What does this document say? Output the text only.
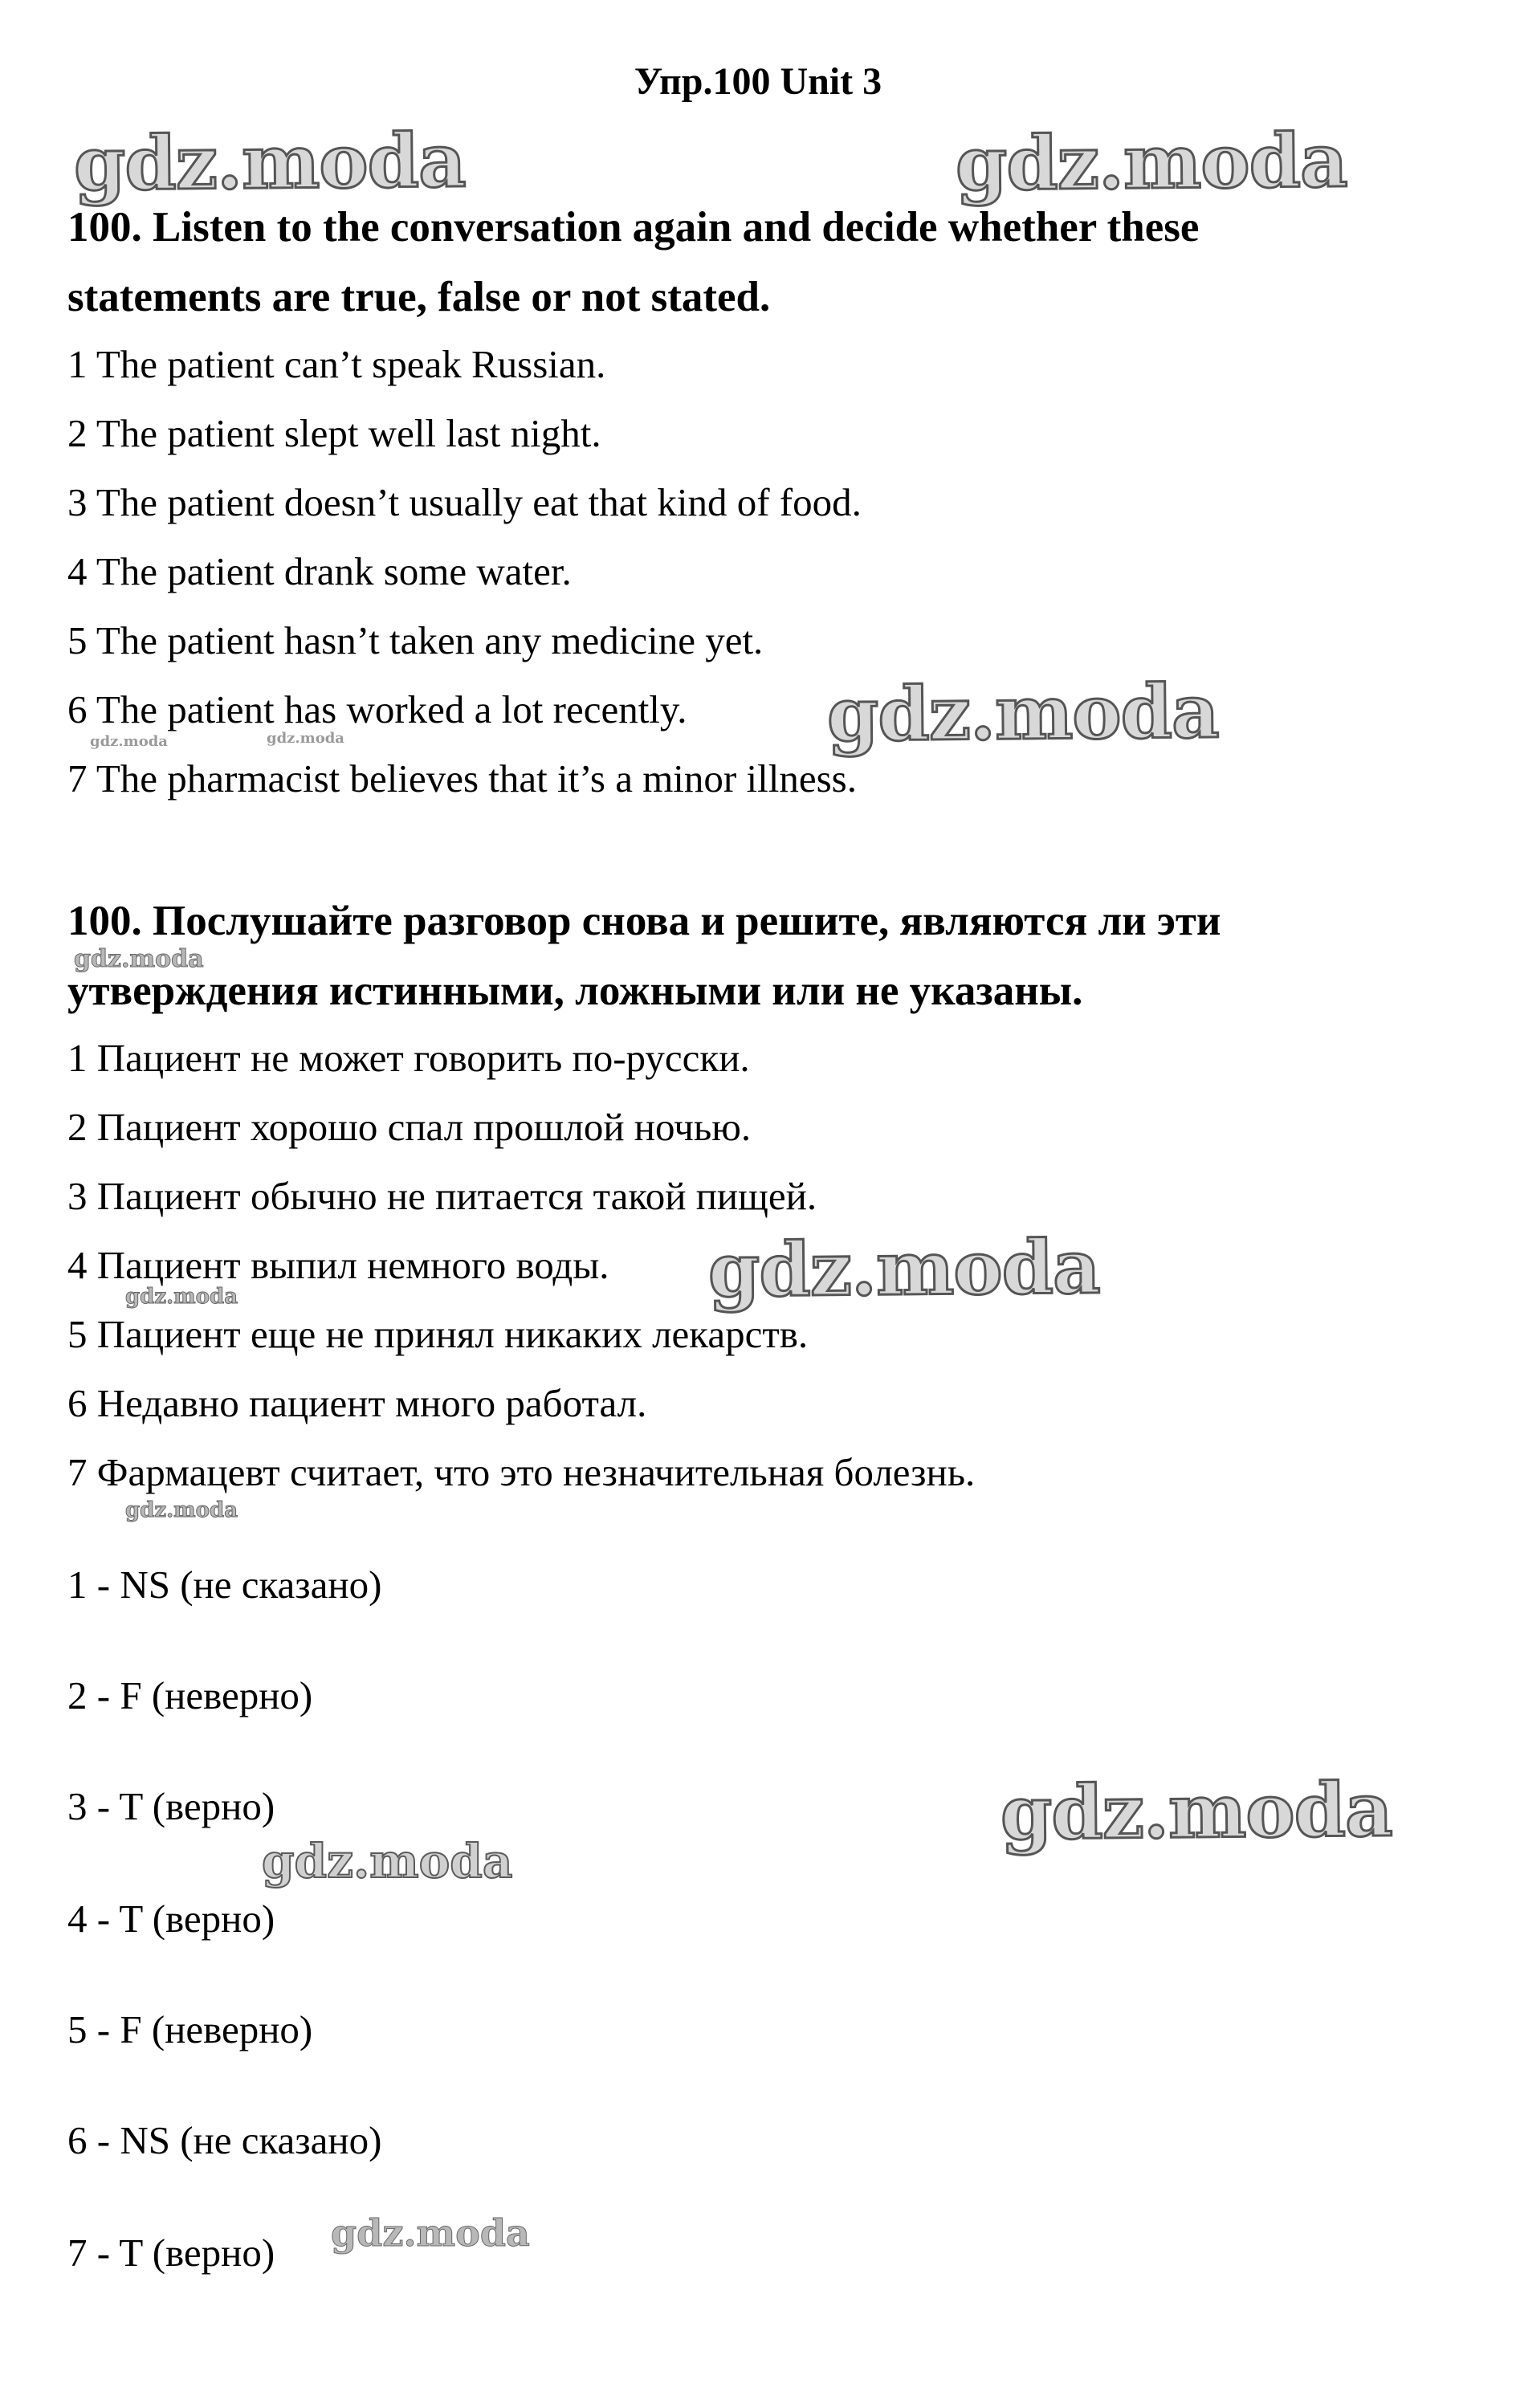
Упр.100 Unit 3
gdz.moda	gdz.moda
100. Listen to the conversation again and decide whether these
statements are true, false or not stated.
1 The patient can’t speak Russian.
2 The patient slept well last night.
3 The patient doesn’t usually eat that kind of food.
4 The patient drank some water.
5 The patient hasn’t taken any medicine yet.
6 The patient has worked a lot recently. gdz.moda
gdz.moda	gdz.moda
7 The pharmacist believes that it’s a minor illness.
100. Послушайте разговор снова и решите, являются ли эти
утверждения истинными, ложными или не указаны.
gdz.moda
1 Пациент не может говорить по-русски.
2 Пациент хорошо спал прошлой ночью.
3 Пациент обычно не питается такой пищей.
4 Пациент выпил немного воды. gdz.moda
gdz.moda
5 Пациент еще не принял никаких лекарств.
6 Недавно пациент много работал.
7 Фармацевт считает, что это незначительная болезнь.
gdz.moda
1 - NS (не сказано)
2 - F (неверно)
3 - T (верно)	gdz.moda
gdz.moda
4 - T (верно)
5 - F (неверно)
6 - NS (не сказано)
gdz.moda
7 - T (верно)
